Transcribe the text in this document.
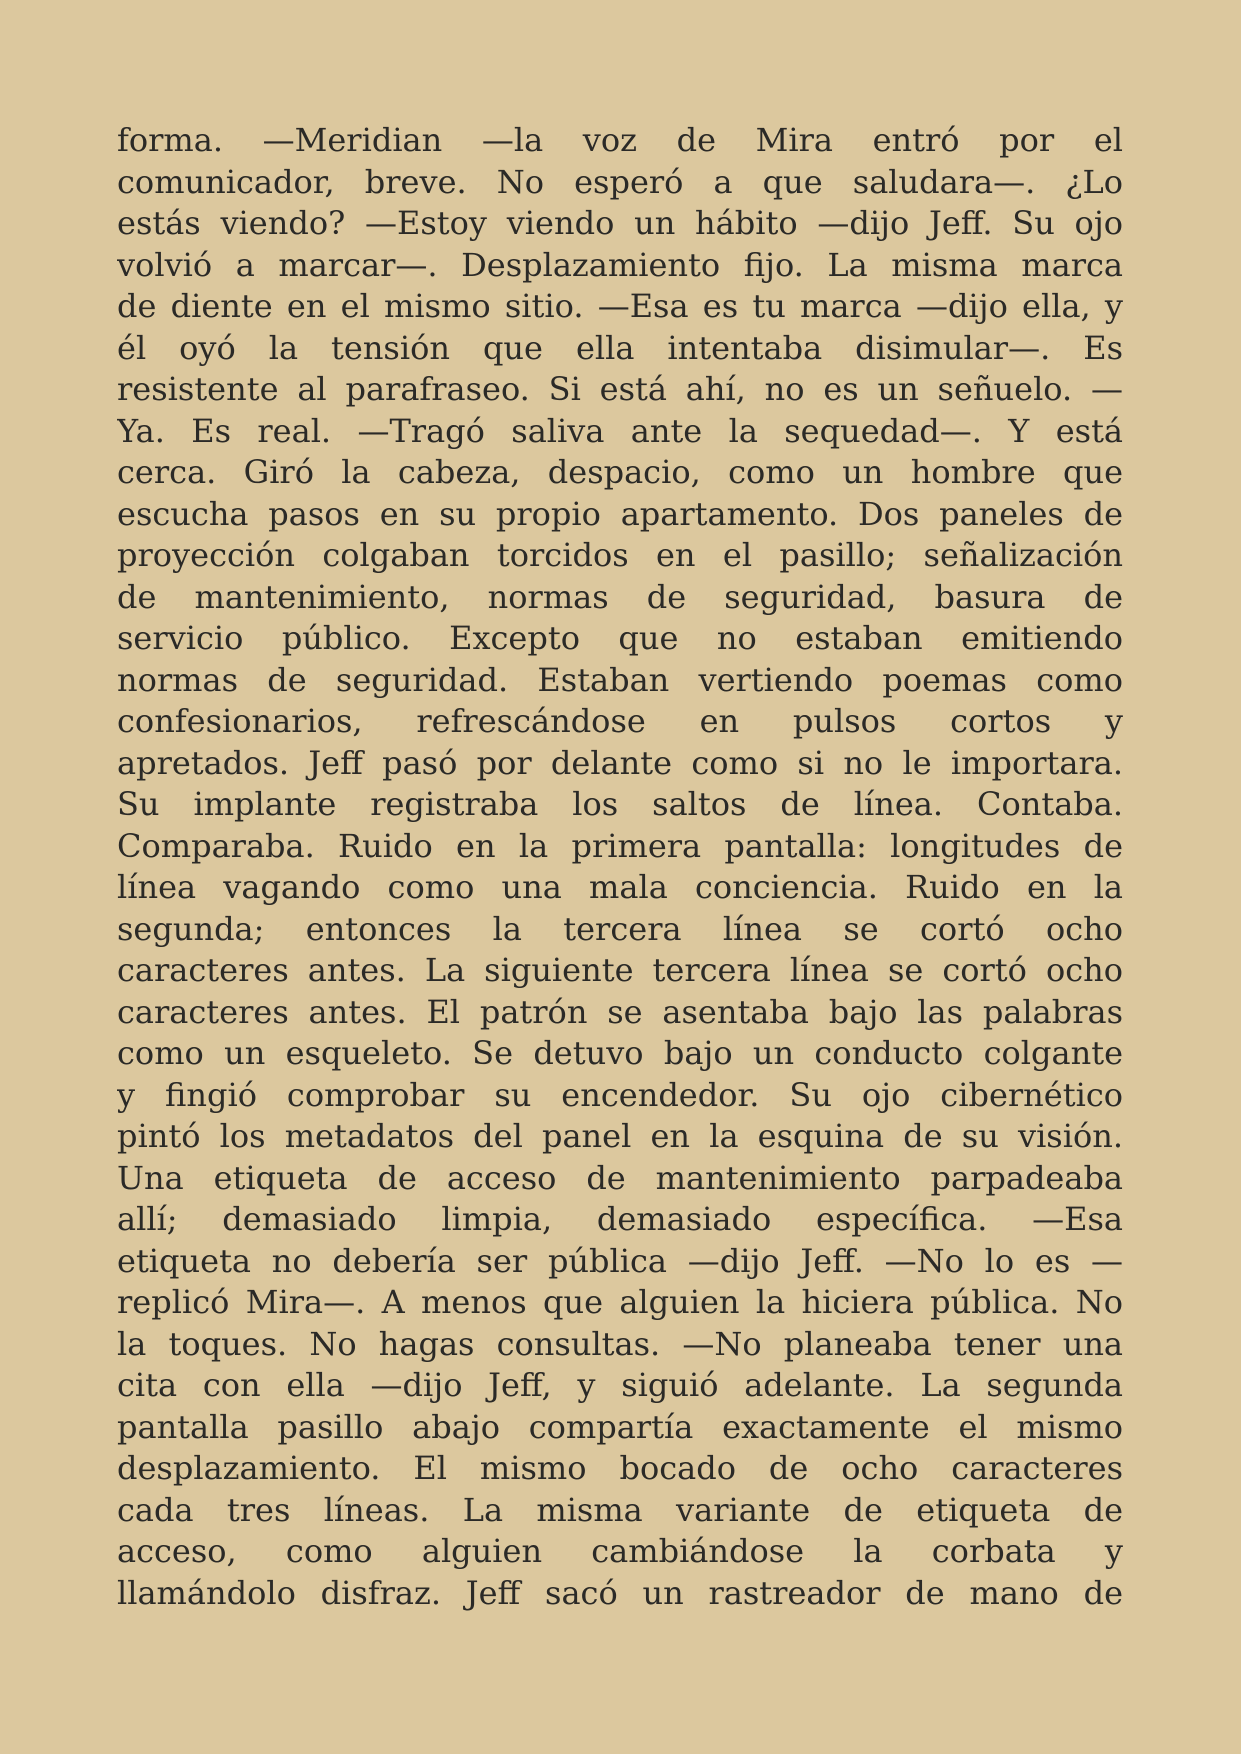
forma. —Meridian —la voz de Mira entró por el
comunicador, breve. No esperó a que saludara—. ¿Lo
estás viendo? —Estoy viendo un hábito —dijo Jeff. Su ojo
volvió a marcar—. Desplazamiento fijo. La misma marca
de diente en el mismo sitio. —Esa es tu marca —dijo ella, y
él oyó la tensión que ella intentaba disimular—. Es
resistente al parafraseo. Si está ahí, no es un señuelo. —
Ya. Es real. —Tragó saliva ante la sequedad—. Y está
cerca. Giró la cabeza, despacio, como un hombre que
escucha pasos en su propio apartamento. Dos paneles de
proyección colgaban torcidos en el pasillo; señalización
de mantenimiento, normas de seguridad, basura de
servicio público. Excepto que no estaban emitiendo
normas de seguridad. Estaban vertiendo poemas como
confesionarios, refrescándose en pulsos cortos y
apretados. Jeff pasó por delante como si no le importara.
Su implante registraba los saltos de línea. Contaba.
Comparaba. Ruido en la primera pantalla: longitudes de
línea vagando como una mala conciencia. Ruido en la
segunda; entonces la tercera línea se cortó ocho
caracteres antes. La siguiente tercera línea se cortó ocho
caracteres antes. El patrón se asentaba bajo las palabras
como un esqueleto. Se detuvo bajo un conducto colgante
y fingió comprobar su encendedor. Su ojo cibernético
pintó los metadatos del panel en la esquina de su visión.
Una etiqueta de acceso de mantenimiento parpadeaba
allí; demasiado limpia, demasiado específica. —Esa
etiqueta no debería ser pública —dijo Jeff. —No lo es —
replicó Mira—. A menos que alguien la hiciera pública. No
la toques. No hagas consultas. —No planeaba tener una
cita con ella —dijo Jeff, y siguió adelante. La segunda
pantalla pasillo abajo compartía exactamente el mismo
desplazamiento. El mismo bocado de ocho caracteres
cada tres líneas. La misma variante de etiqueta de
acceso, como alguien cambiándose la corbata y
llamándolo disfraz. Jeff sacó un rastreador de mano de
